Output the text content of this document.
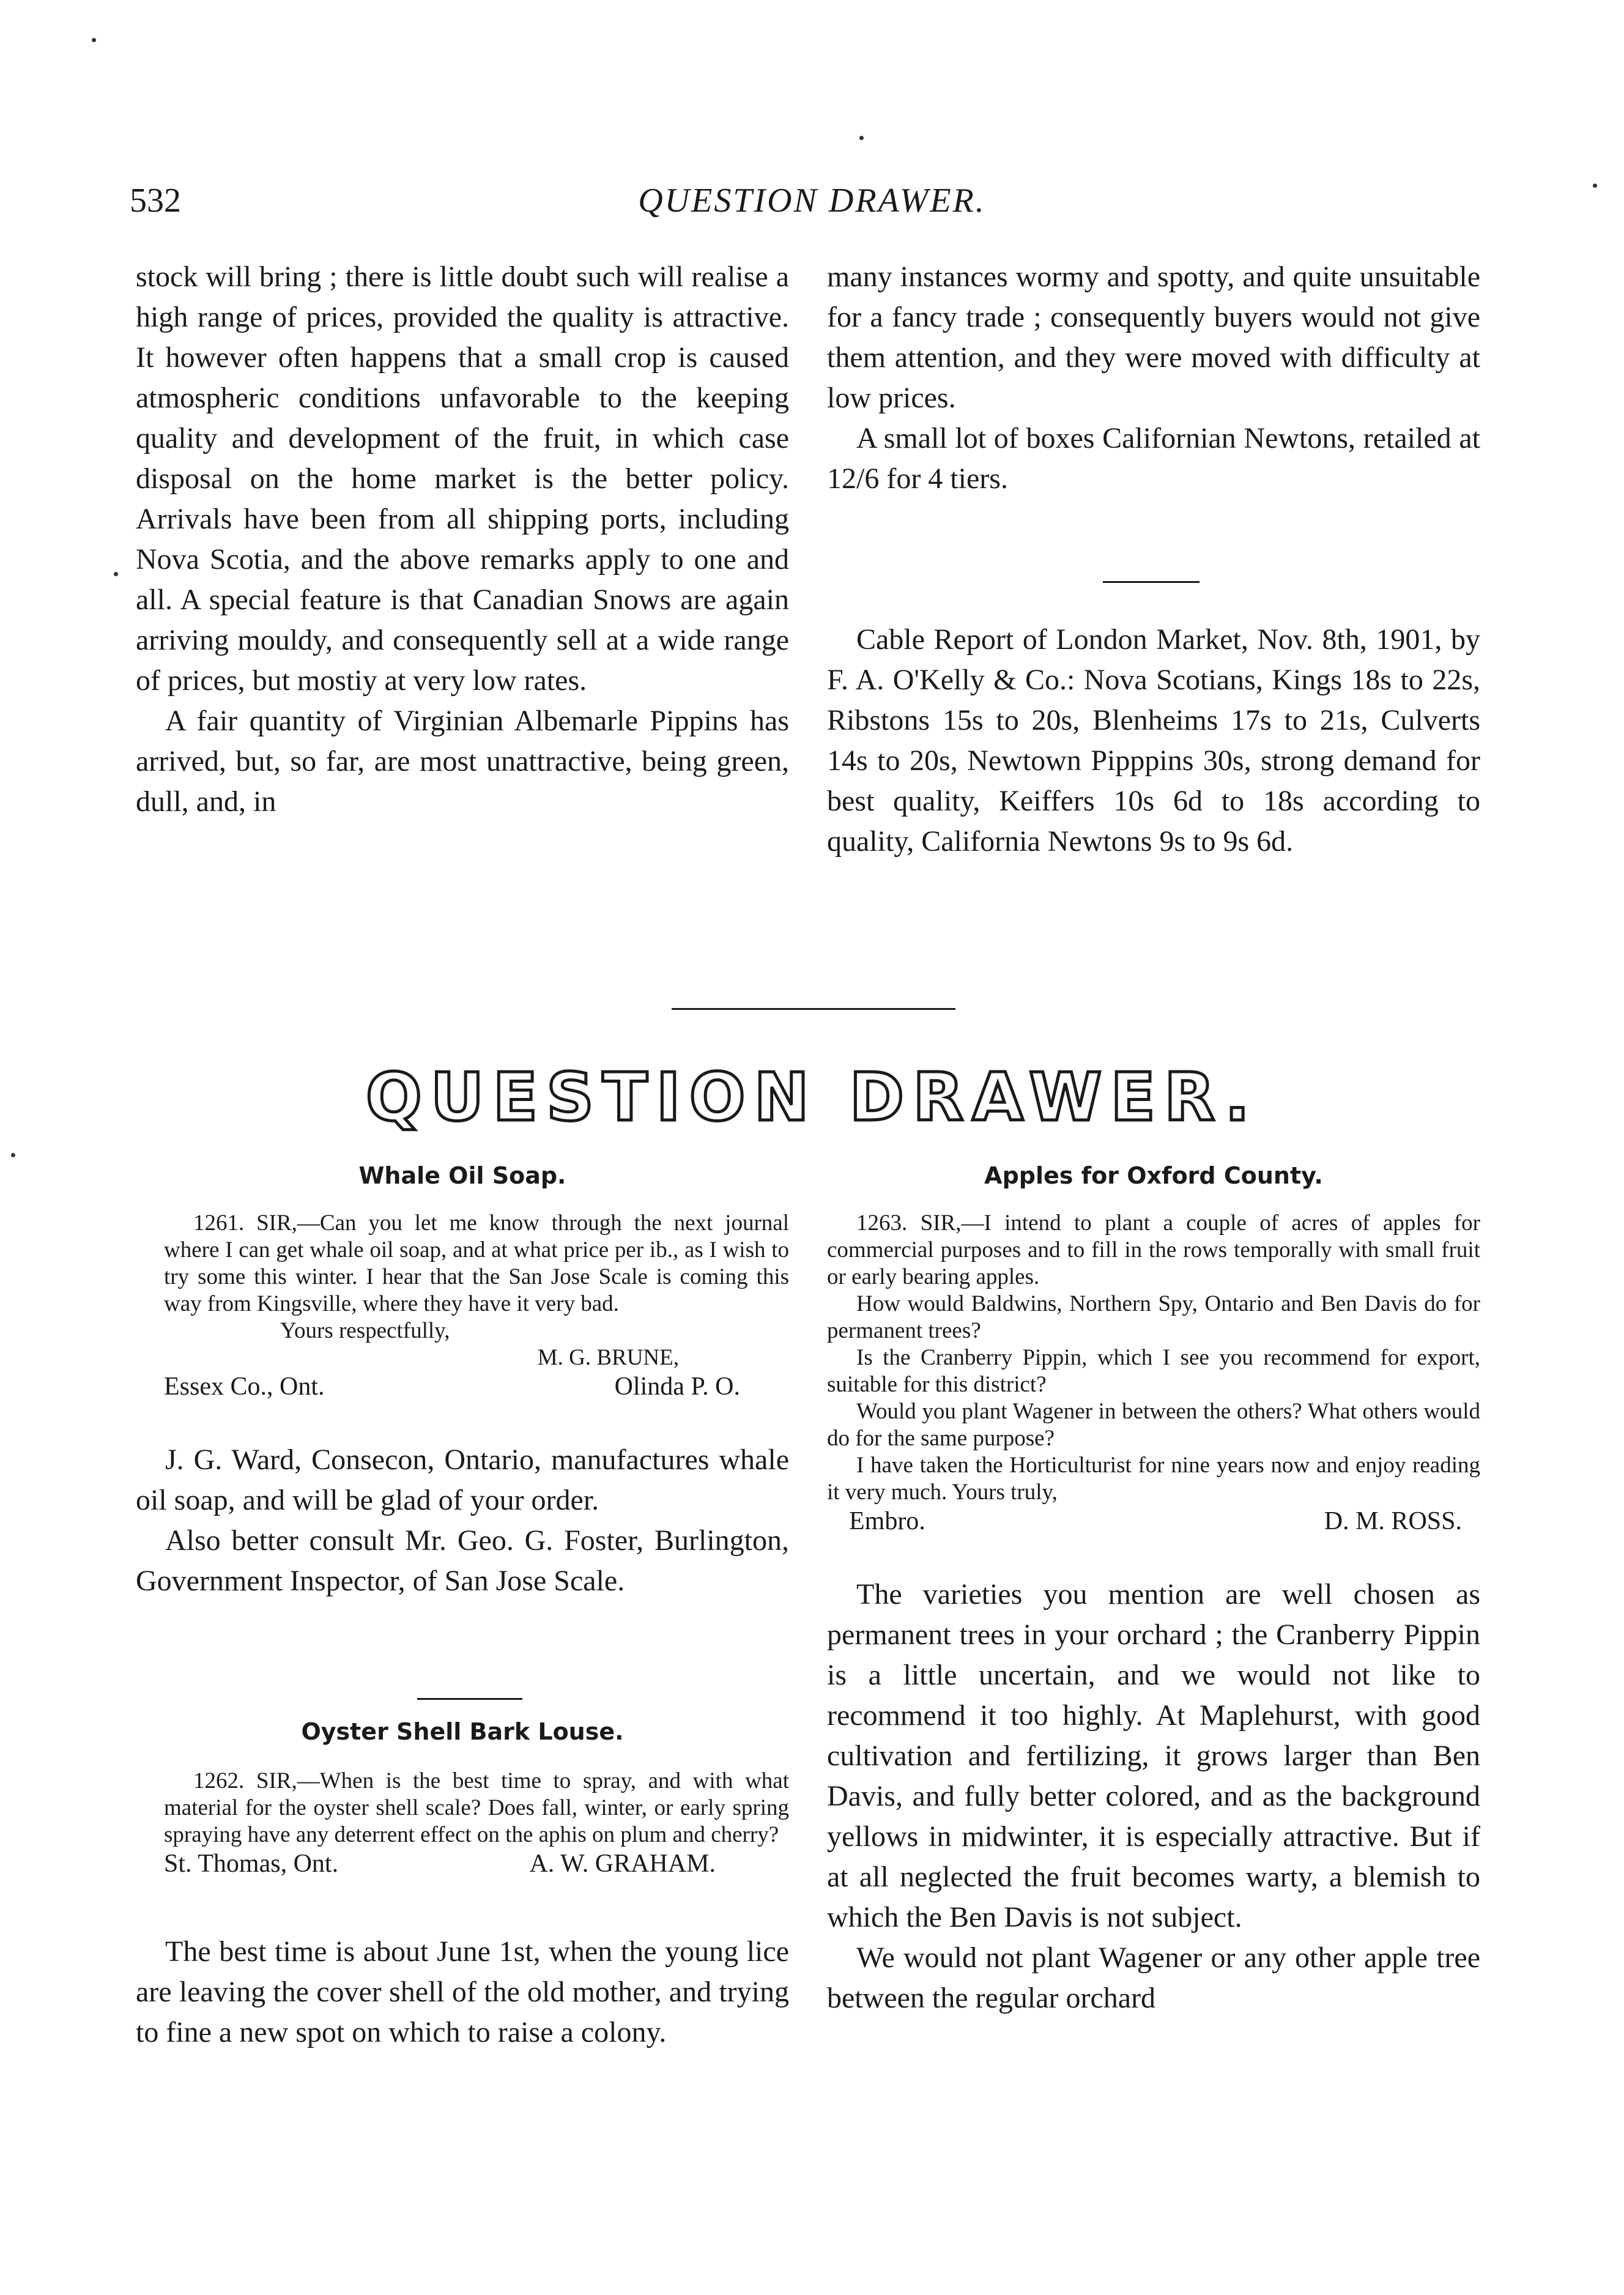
532	QUESTION DRAWER.

stock will bring ; there is little doubt such will realise a high range of prices, provided the quality is attractive. It however often happens that a small crop is caused atmospheric conditions unfavorable to the keeping quality and development of the fruit, in which case disposal on the home market is the better policy. Arrivals have been from all shipping ports, including Nova Scotia, and the above remarks apply to one and all. A special feature is that Canadian Snows are again arriving mouldy, and consequently sell at a wide range of prices, but mostiy at very low rates.

A fair quantity of Virginian Albemarle Pippins has arrived, but, so far, are most unattractive, being green, dull, and, in

many instances wormy and spotty, and quite unsuitable for a fancy trade ; consequently buyers would not give them attention, and they were moved with difficulty at low prices.

A small lot of boxes Californian Newtons, retailed at 12/6 for 4 tiers.

Cable Report of London Market, Nov. 8th, 1901, by F. A. O'Kelly & Co.: Nova Scotians, Kings 18s to 22s, Ribstons 15s to 20s, Blenheims 17s to 21s, Culverts 14s to 20s, Newtown Pipppins 30s, strong demand for best quality, Keiffers 10s 6d to 18s according to quality, California Newtons 9s to 9s 6d.

QUESTION DRAWER.
Whale Oil Soap.

1261. SIR,—Can you let me know through the next journal where I can get whale oil soap, and at what price per ib., as I wish to try some this winter. I hear that the San Jose Scale is coming this way from Kingsville, where they have it very bad.

Yours respectfully,

M. G. BRUNE,

Essex Co., Ont.	Olinda P. O.

J. G. Ward, Consecon, Ontario, manufactures whale oil soap, and will be glad of your order.

Also better consult Mr. Geo. G. Foster, Burlington, Government Inspector, of San Jose Scale.

Oyster Shell Bark Louse.

1262. SIR,—When is the best time to spray, and with what material for the oyster shell scale? Does fall, winter, or early spring spraying have any deterrent effect on the aphis on plum and cherry?

St. Thomas, Ont.	A. W. GRAHAM.

The best time is about June 1st, when the young lice are leaving the cover shell of the old mother, and trying to fine a new spot on which to raise a colony.

Apples for Oxford County.

1263. SIR,—I intend to plant a couple of acres of apples for commercial purposes and to fill in the rows temporally with small fruit or early bearing apples.

How would Baldwins, Northern Spy, Ontario and Ben Davis do for permanent trees?

Is the Cranberry Pippin, which I see you recommend for export, suitable for this district?

Would you plant Wagener in between the others? What others would do for the same purpose?

I have taken the Horticulturist for nine years now and enjoy reading it very much. Yours truly,

Embro.	D. M. ROSS.

The varieties you mention are well chosen as permanent trees in your orchard ; the Cranberry Pippin is a little uncertain, and we would not like to recommend it too highly. At Maplehurst, with good cultivation and fertilizing, it grows larger than Ben Davis, and fully better colored, and as the background yellows in midwinter, it is especially attractive. But if at all neglected the fruit becomes warty, a blemish to which the Ben Davis is not subject.

We would not plant Wagener or any other apple tree between the regular orchard
